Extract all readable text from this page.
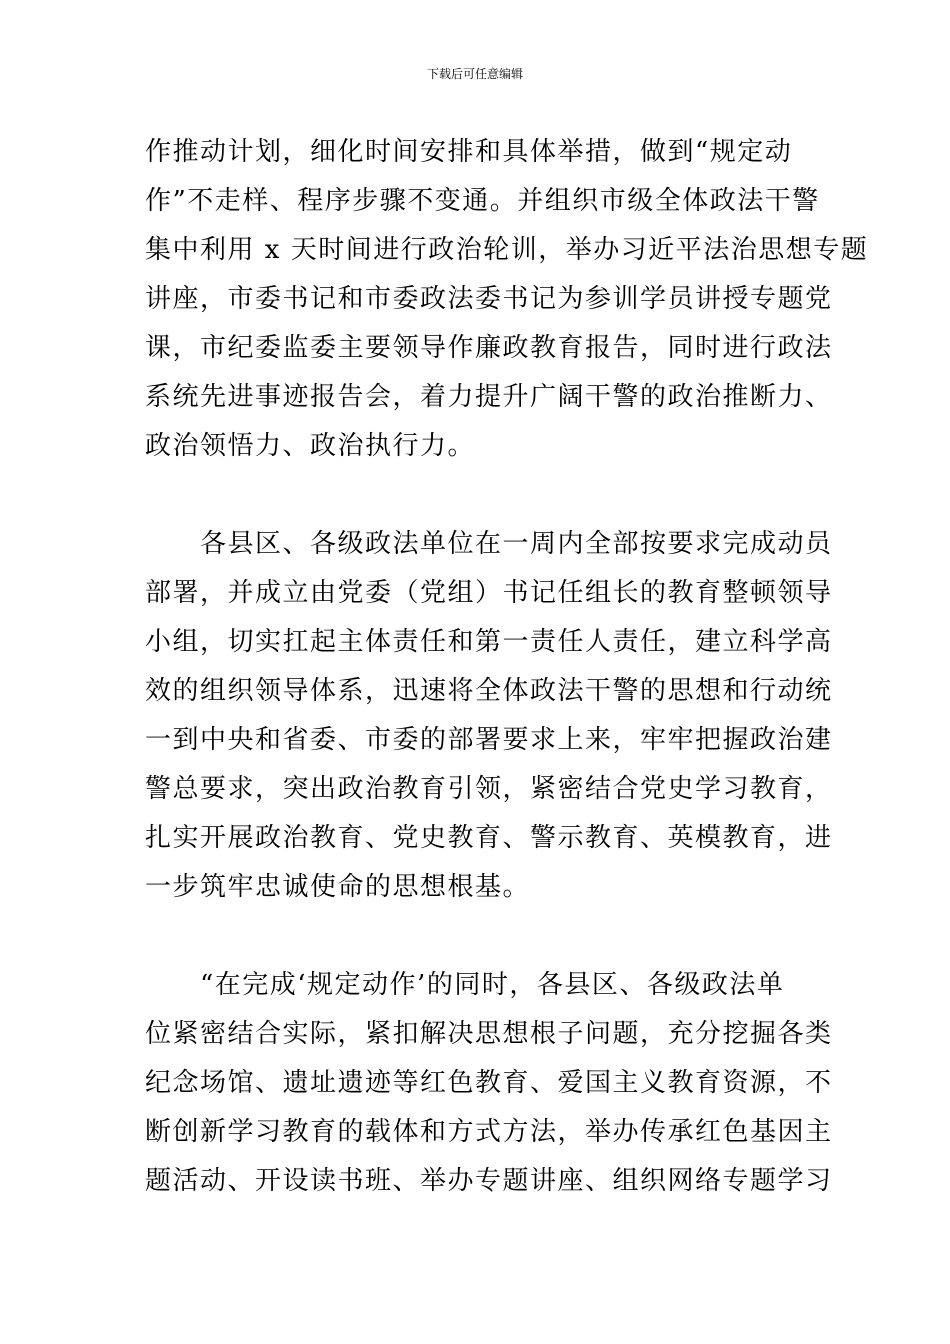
下载后可任意编辑

作推动计划，细化时间安排和具体举措，做到“规定动
作”不走样、程序步骤不变通。并组织市级全体政法干警
集中利用 x 天时间进行政治轮训，举办习近平法治思想专题
讲座，市委书记和市委政法委书记为参训学员讲授专题党
课，市纪委监委主要领导作廉政教育报告，同时进行政法
系统先进事迹报告会，着力提升广阔干警的政治推断力、
政治领悟力、政治执行力。

　　各县区、各级政法单位在一周内全部按要求完成动员
部署，并成立由党委（党组）书记任组长的教育整顿领导
小组，切实扛起主体责任和第一责任人责任，建立科学高
效的组织领导体系，迅速将全体政法干警的思想和行动统
一到中央和省委、市委的部署要求上来，牢牢把握政治建
警总要求，突出政治教育引领，紧密结合党史学习教育，
扎实开展政治教育、党史教育、警示教育、英模教育，进
一步筑牢忠诚使命的思想根基。

　　“在完成‘规定动作’的同时，各县区、各级政法单
位紧密结合实际，紧扣解决思想根子问题，充分挖掘各类
纪念场馆、遗址遗迹等红色教育、爱国主义教育资源，不
断创新学习教育的载体和方式方法，举办传承红色基因主
题活动、开设读书班、举办专题讲座、组织网络专题学习
